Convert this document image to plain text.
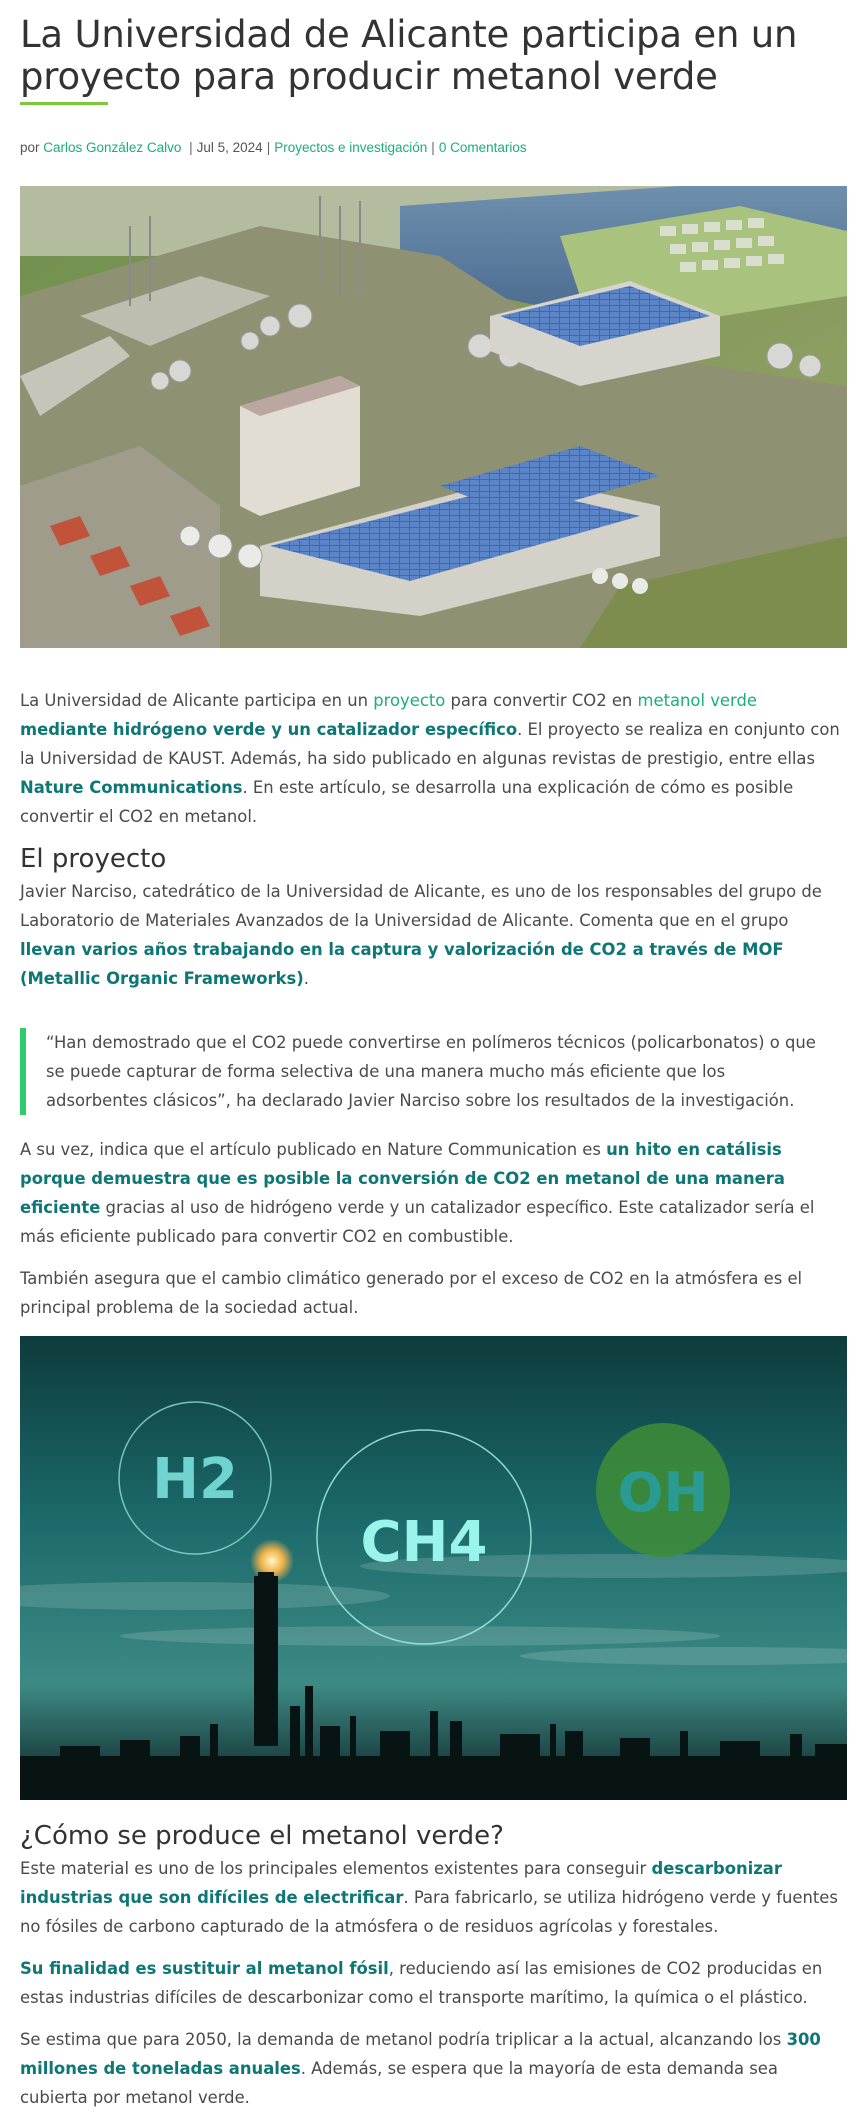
La Universidad de Alicante participa en un
proyecto para producir metanol verde
por Carlos González Calvo | Jul 5, 2024 | Proyectos e investigación | 0 Comentarios

La Universidad de Alicante participa en un proyecto para convertir CO2 en metanol verde mediante hidrógeno verde y un catalizador específico. El proyecto se realiza en conjunto con la Universidad de KAUST. Además, ha sido publicado en algunas revistas de prestigio, entre ellas Nature Communications. En este artículo, se desarrolla una explicación de cómo es posible convertir el CO2 en metanol.

El proyecto

Javier Narciso, catedrático de la Universidad de Alicante, es uno de los responsables del grupo de Laboratorio de Materiales Avanzados de la Universidad de Alicante. Comenta que en el grupo llevan varios años trabajando en la captura y valorización de CO2 a través de MOF (Metallic Organic Frameworks).

“Han demostrado que el CO2 puede convertirse en polímeros técnicos (policarbonatos) o que se puede capturar de forma selectiva de una manera mucho más eficiente que los adsorbentes clásicos”, ha declarado Javier Narciso sobre los resultados de la investigación.

A su vez, indica que el artículo publicado en Nature Communication es un hito en catálisis porque demuestra que es posible la conversión de CO2 en metanol de una manera eficiente gracias al uso de hidrógeno verde y un catalizador específico. Este catalizador sería el más eficiente publicado para convertir CO2 en combustible.

También asegura que el cambio climático generado por el exceso de CO2 en la atmósfera es el principal problema de la sociedad actual.

H2
CH4
OH
¿Cómo se produce el metanol verde?

Este material es uno de los principales elementos existentes para conseguir descarbonizar industrias que son difíciles de electrificar. Para fabricarlo, se utiliza hidrógeno verde y fuentes no fósiles de carbono capturado de la atmósfera o de residuos agrícolas y forestales.

Su finalidad es sustituir al metanol fósil, reduciendo así las emisiones de CO2 producidas en estas industrias difíciles de descarbonizar como el transporte marítimo, la química o el plástico.

Se estima que para 2050, la demanda de metanol podría triplicar a la actual, alcanzando los 300 millones de toneladas anuales. Además, se espera que la mayoría de esta demanda sea cubierta por metanol verde.
